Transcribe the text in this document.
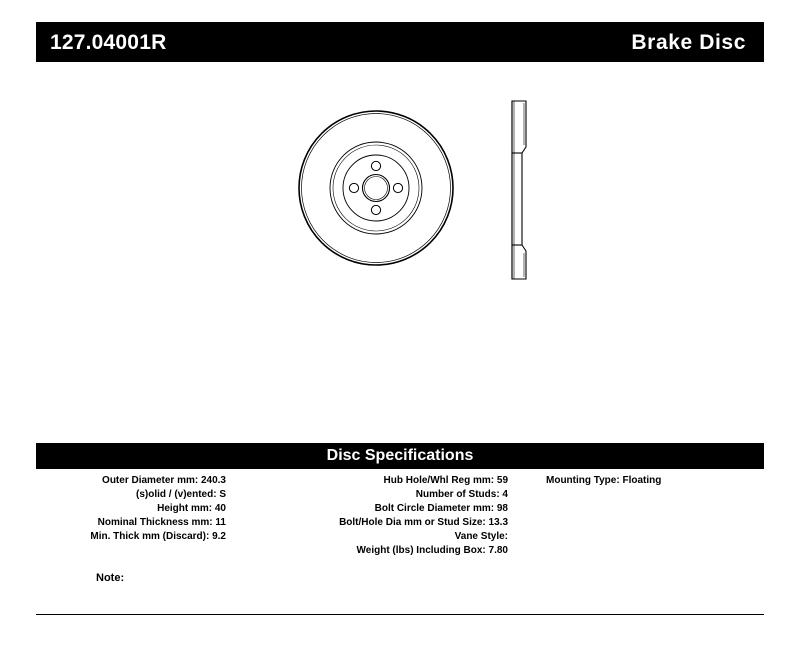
127.04001R	Brake Disc
Disc Specifications
Outer Diameter mm: 240.3
(s)olid / (v)ented: S
Height mm: 40
Nominal Thickness mm: 11
Min. Thick mm (Discard): 9.2
Hub Hole/Whl Reg mm: 59
Number of Studs: 4
Bolt Circle Diameter mm: 98
Bolt/Hole Dia mm or Stud Size: 13.3
Vane Style:
Weight (lbs) Including Box: 7.80
Mounting Type: Floating
Note:
